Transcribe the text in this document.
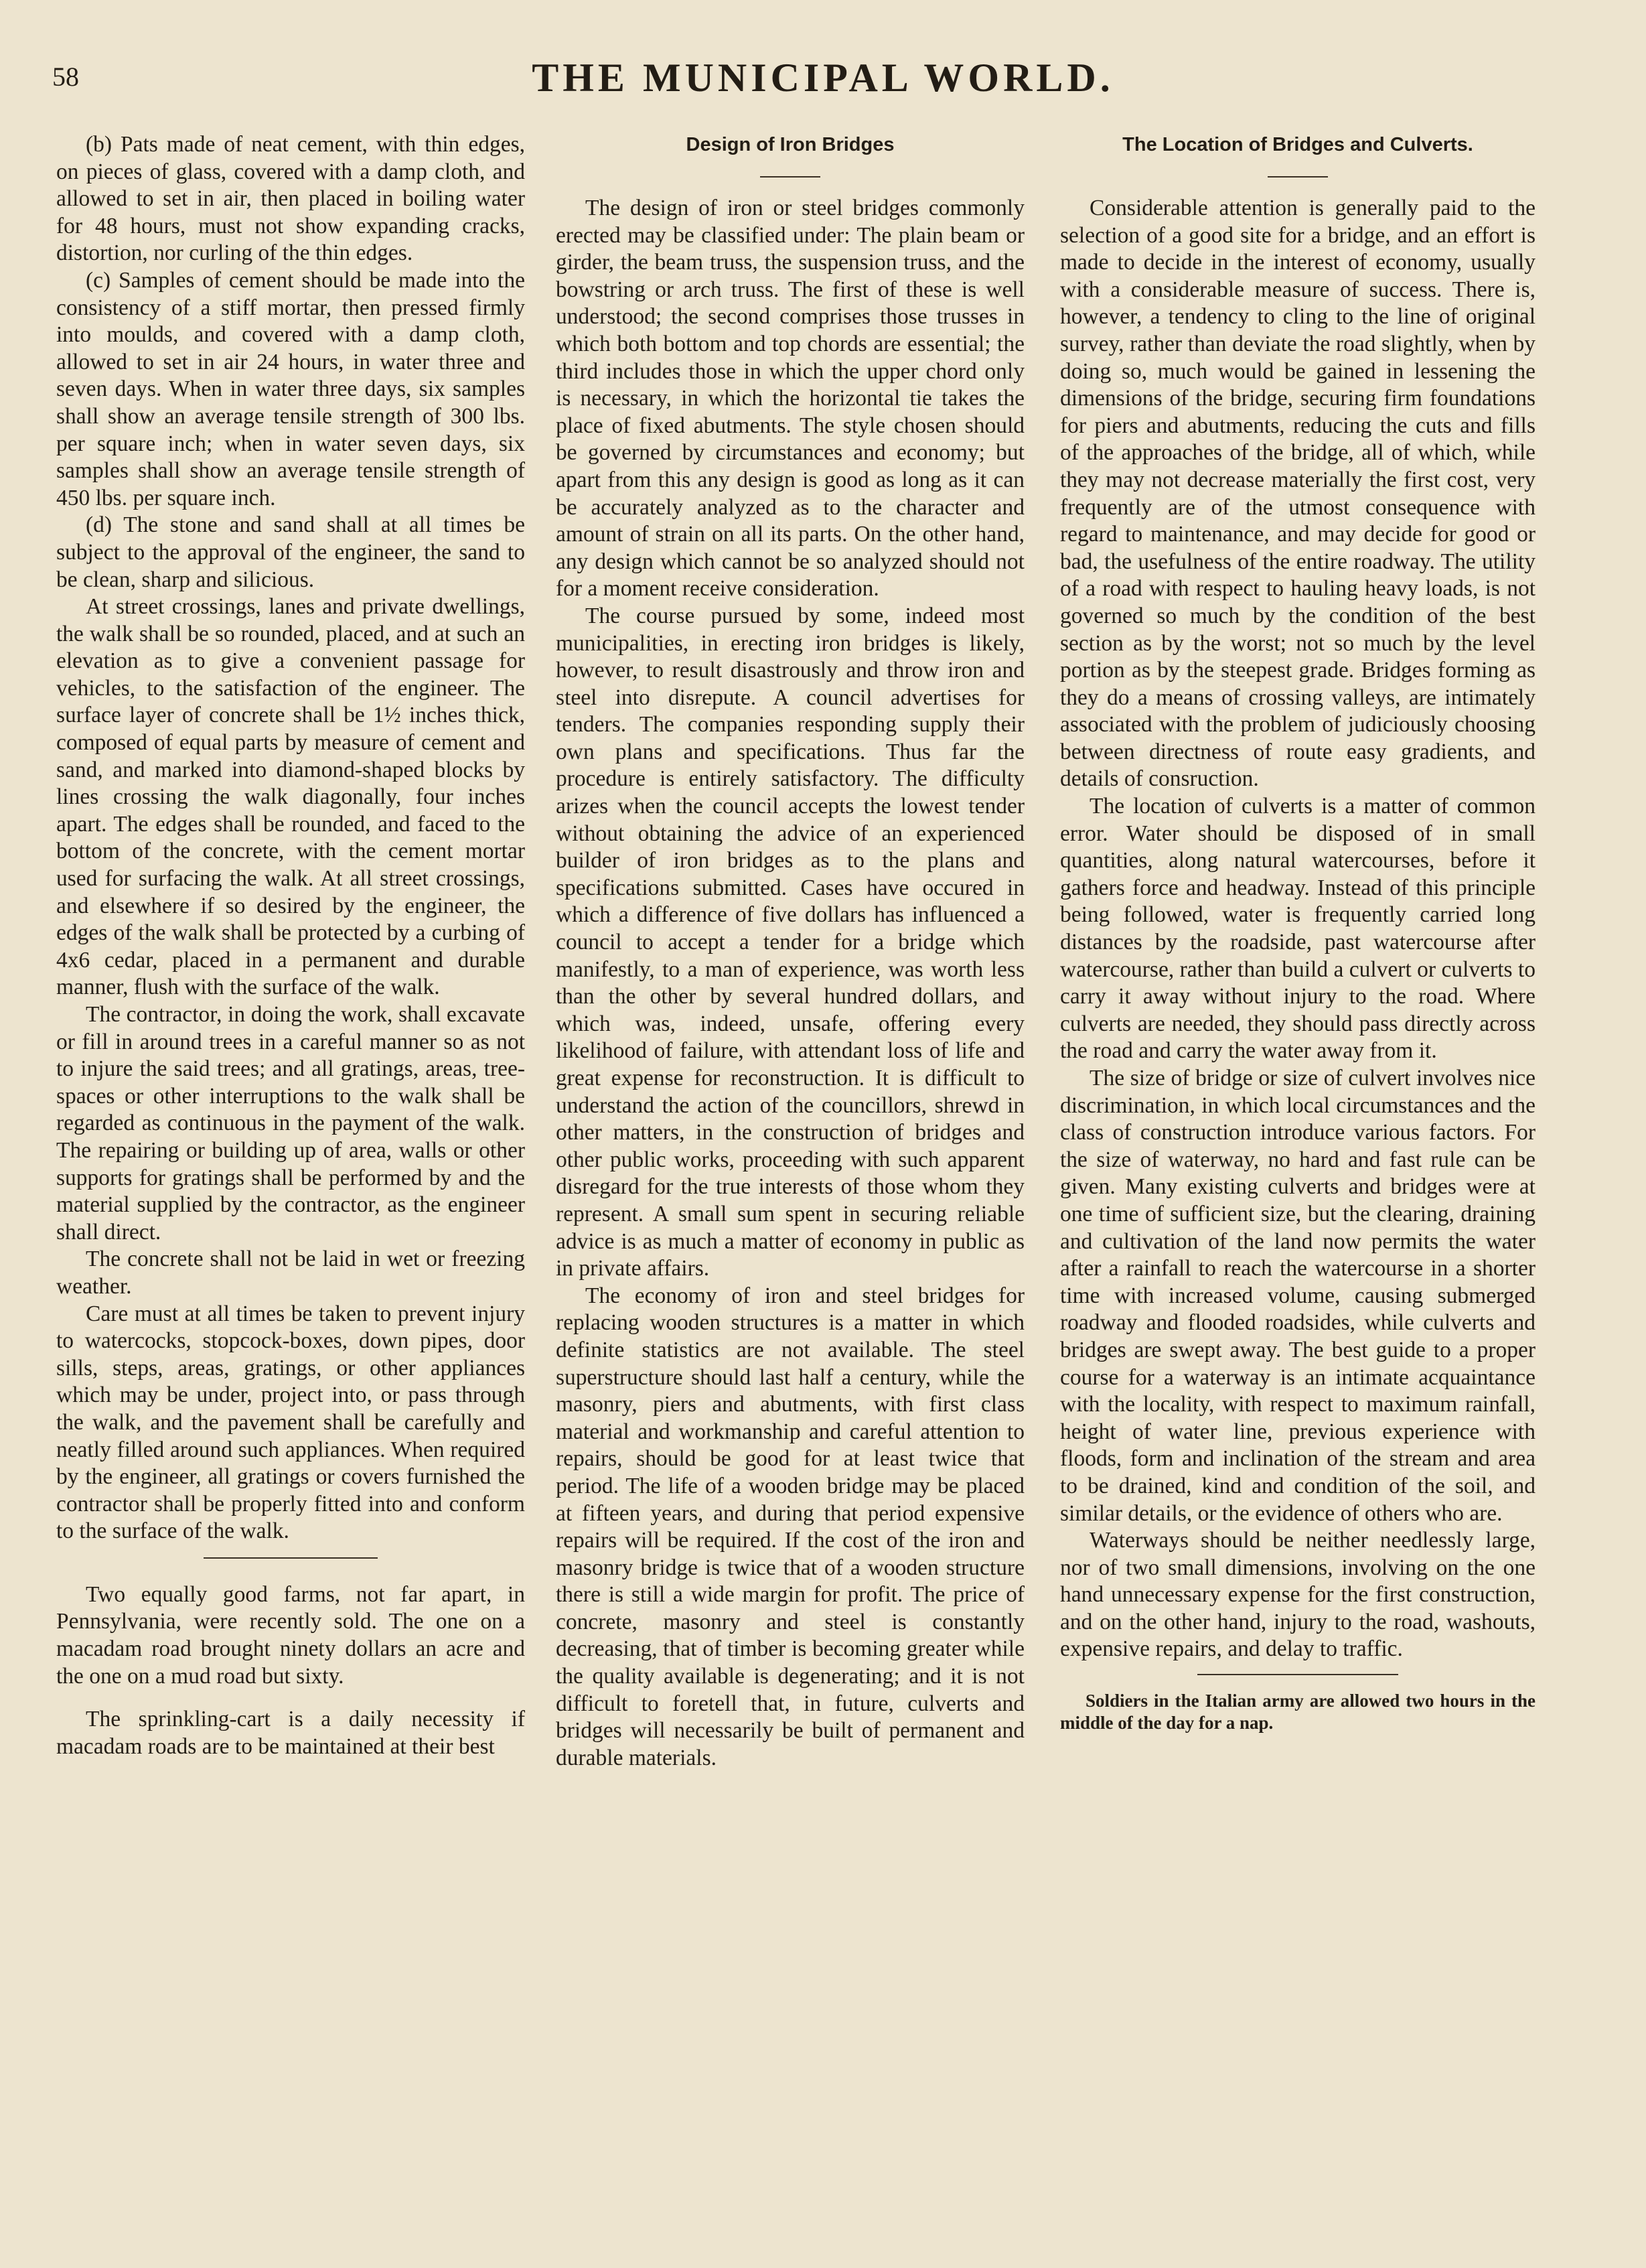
58	THE MUNICIPAL WORLD.

(b) Pats made of neat cement, with thin edges, on pieces of glass, covered with a damp cloth, and allowed to set in air, then placed in boiling water for 48 hours, must not show expanding cracks, distortion, nor curling of the thin edges.

(c) Samples of cement should be made into the consistency of a stiff mortar, then pressed firmly into moulds, and covered with a damp cloth, allowed to set in air 24 hours, in water three and seven days. When in water three days, six samples shall show an average tensile strength of 300 lbs. per square inch; when in water seven days, six samples shall show an average tensile strength of 450 lbs. per square inch.

(d) The stone and sand shall at all times be subject to the approval of the engineer, the sand to be clean, sharp and silicious.

At street crossings, lanes and private dwellings, the walk shall be so rounded, placed, and at such an elevation as to give a convenient passage for vehicles, to the satisfaction of the engineer. The surface layer of concrete shall be 1½ inches thick, composed of equal parts by measure of cement and sand, and marked into diamond-shaped blocks by lines crossing the walk diagonally, four inches apart. The edges shall be rounded, and faced to the bottom of the concrete, with the cement mortar used for surfacing the walk. At all street crossings, and elsewhere if so desired by the engineer, the edges of the walk shall be protected by a curbing of 4x6 cedar, placed in a permanent and durable manner, flush with the surface of the walk.

The contractor, in doing the work, shall excavate or fill in around trees in a careful manner so as not to injure the said trees; and all gratings, areas, tree-spaces or other interruptions to the walk shall be regarded as continuous in the payment of the walk. The repairing or building up of area, walls or other supports for gratings shall be performed by and the material supplied by the contractor, as the engineer shall direct.

The concrete shall not be laid in wet or freezing weather.

Care must at all times be taken to prevent injury to watercocks, stopcock-boxes, down pipes, door sills, steps, areas, gratings, or other appliances which may be under, project into, or pass through the walk, and the pavement shall be carefully and neatly filled around such appliances. When required by the engineer, all gratings or covers furnished the contractor shall be properly fitted into and conform to the surface of the walk.

Two equally good farms, not far apart, in Pennsylvania, were recently sold. The one on a macadam road brought ninety dollars an acre and the one on a mud road but sixty.

The sprinkling-cart is a daily necessity if macadam roads are to be maintained at their best

Design of Iron Bridges

The design of iron or steel bridges commonly erected may be classified under: The plain beam or girder, the beam truss, the suspension truss, and the bowstring or arch truss. The first of these is well understood; the second comprises those trusses in which both bottom and top chords are essential; the third includes those in which the upper chord only is necessary, in which the horizontal tie takes the place of fixed abutments. The style chosen should be governed by circumstances and economy; but apart from this any design is good as long as it can be accurately analyzed as to the character and amount of strain on all its parts. On the other hand, any design which cannot be so analyzed should not for a moment receive consideration.

The course pursued by some, indeed most municipalities, in erecting iron bridges is likely, however, to result disastrously and throw iron and steel into disrepute. A council advertises for tenders. The companies responding supply their own plans and specifications. Thus far the procedure is entirely satisfactory. The difficulty arizes when the council accepts the lowest tender without obtaining the advice of an experienced builder of iron bridges as to the plans and specifications submitted. Cases have occured in which a difference of five dollars has influenced a council to accept a tender for a bridge which manifestly, to a man of experience, was worth less than the other by several hundred dollars, and which was, indeed, unsafe, offering every likelihood of failure, with attendant loss of life and great expense for reconstruction. It is difficult to understand the action of the councillors, shrewd in other matters, in the construction of bridges and other public works, proceeding with such apparent disregard for the true interests of those whom they represent. A small sum spent in securing reliable advice is as much a matter of economy in public as in private affairs.

The economy of iron and steel bridges for replacing wooden structures is a matter in which definite statistics are not available. The steel superstructure should last half a century, while the masonry, piers and abutments, with first class material and workmanship and careful attention to repairs, should be good for at least twice that period. The life of a wooden bridge may be placed at fifteen years, and during that period expensive repairs will be required. If the cost of the iron and masonry bridge is twice that of a wooden structure there is still a wide margin for profit. The price of concrete, masonry and steel is constantly decreasing, that of timber is becoming greater while the quality available is degenerating; and it is not difficult to foretell that, in future, culverts and bridges will necessarily be built of permanent and durable materials.

The Location of Bridges and Culverts.

Considerable attention is generally paid to the selection of a good site for a bridge, and an effort is made to decide in the interest of economy, usually with a considerable measure of success. There is, however, a tendency to cling to the line of original survey, rather than deviate the road slightly, when by doing so, much would be gained in lessening the dimensions of the bridge, securing firm foundations for piers and abutments, reducing the cuts and fills of the approaches of the bridge, all of which, while they may not decrease materially the first cost, very frequently are of the utmost consequence with regard to maintenance, and may decide for good or bad, the usefulness of the entire roadway. The utility of a road with respect to hauling heavy loads, is not governed so much by the condition of the best section as by the worst; not so much by the level portion as by the steepest grade. Bridges forming as they do a means of crossing valleys, are intimately associated with the problem of judiciously choosing between directness of route easy gradients, and details of consruction.

The location of culverts is a matter of common error. Water should be disposed of in small quantities, along natural watercourses, before it gathers force and headway. Instead of this principle being followed, water is frequently carried long distances by the roadside, past watercourse after watercourse, rather than build a culvert or culverts to carry it away without injury to the road. Where culverts are needed, they should pass directly across the road and carry the water away from it.

The size of bridge or size of culvert involves nice discrimination, in which local circumstances and the class of construction introduce various factors. For the size of waterway, no hard and fast rule can be given. Many existing culverts and bridges were at one time of sufficient size, but the clearing, draining and cultivation of the land now permits the water after a rainfall to reach the watercourse in a shorter time with increased volume, causing submerged roadway and flooded roadsides, while culverts and bridges are swept away. The best guide to a proper course for a waterway is an intimate acquaintance with the locality, with respect to maximum rainfall, height of water line, previous experience with floods, form and inclination of the stream and area to be drained, kind and condition of the soil, and similar details, or the evidence of others who are.

Waterways should be neither needlessly large, nor of two small dimensions, involving on the one hand unnecessary expense for the first construction, and on the other hand, injury to the road, washouts, expensive repairs, and delay to traffic.

Soldiers in the Italian army are allowed two hours in the middle of the day for a nap.
